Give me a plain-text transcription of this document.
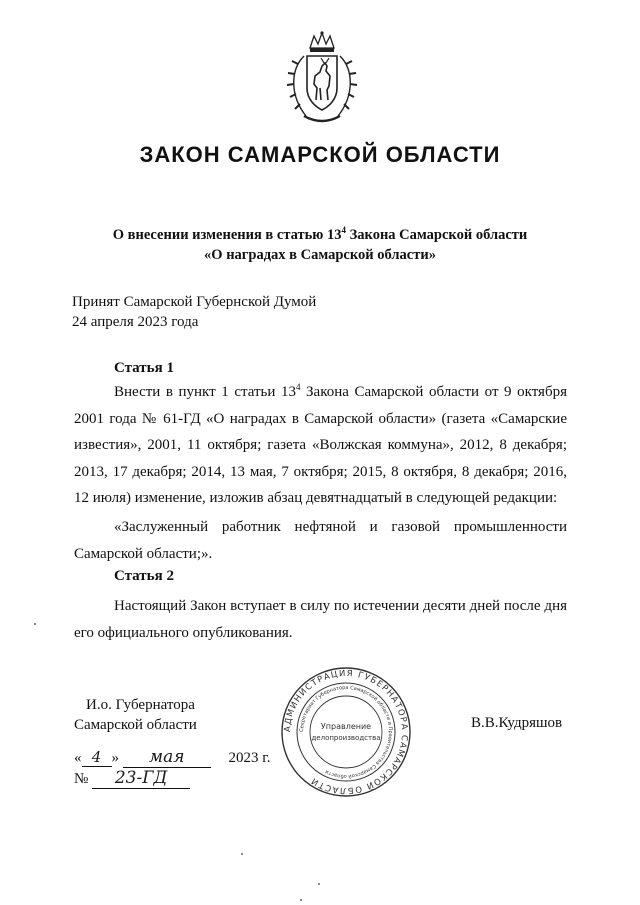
ЗАКОН САМАРСКОЙ ОБЛАСТИ
О внесении изменения в статью $13^4$ Закона Самарской области
«О наградах в Самарской области»
Принят Самарской Губернской Думой
24 апреля 2023 года
Статья 1

Внести в пункт 1 статьи $13^4$ Закона Самарской области от 9 октября 2001 года № 61-ГД «О наградах в Самарской области» (газета «Самарские известия», 2001, 11 октября; газета «Волжская коммуна», 2012, 8 декабря; 2013, 17 декабря; 2014, 13 мая, 7 октября; 2015, 8 октября, 8 декабря; 2016, 12 июля) изменение, изложив абзац девятнадцатый в следующей редакции:

«Заслуженный работник нефтяной и газовой промышленности Самарской области;».

Статья 2

Настоящий Закон вступает в силу по истечении десяти дней после дня его официального опубликования.

И.о. Губернатора
Самарской области	В.В.Кудряшов
АДМИНИСТРАЦИЯ ГУБЕРНАТОРА САМАРСКОЙ ОБЛАСТИ
Секретариат Губернатора Самарской области и Правительства Самарской области
Управление
делопроизводства
« 4 » мая	2023 г.
№ 23-ГД
